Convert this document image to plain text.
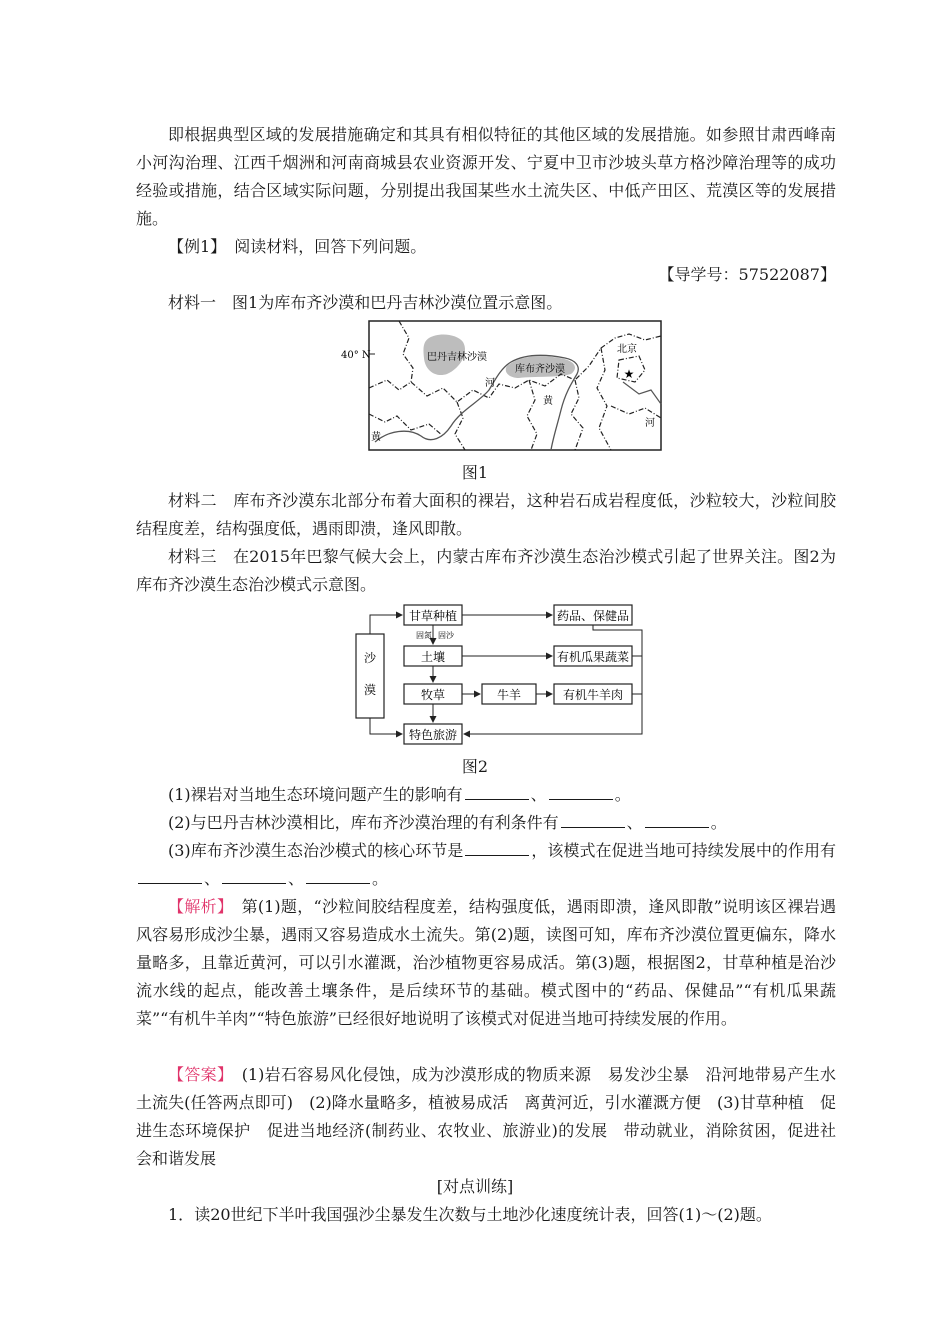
即根据典型区域的发展措施确定和其具有相似特征的其他区域的发展措施。如参照甘肃西峰南小河沟治理、江西千烟洲和河南商城县农业资源开发、宁夏中卫市沙坡头草方格沙障治理等的成功经验或措施，结合区域实际问题，分别提出我国某些水土流失区、中低产田区、荒漠区等的发展措施。

【例1】　 阅读材料，回答下列问题。

【导学号：57522087】

材料一　 图1为库布齐沙漠和巴丹吉林沙漠位置示意图。

40° N
★
巴丹吉林沙漠
库布齐沙漠
北京
河
黄
黄
河
图1

材料二　 库布齐沙漠东北部分布着大面积的裸岩，这种岩石成岩程度低，沙粒较大，沙粒间胶结程度差，结构强度低，遇雨即溃，逢风即散。

材料三　 在2015年巴黎气候大会上，内蒙古库布齐沙漠生态治沙模式引起了世界关注。图2为库布齐沙漠生态治沙模式示意图。

沙
漠
甘草种植
土壤
牧草
特色旅游
牛羊
药品、保健品
有机瓜果蔬菜
有机牛羊肉
固氮 固沙
图2

(1)裸岩对当地生态环境问题产生的影响有	、	。

(2)与巴丹吉林沙漠相比，库布齐沙漠治理的有利条件有	、	。

(3)库布齐沙漠生态治沙模式的核心环节是	，该模式在促进当地可持续发展中的作用有、	、	。

【解析】　 第(1)题，“沙粒间胶结程度差，结构强度低，遇雨即溃，逢风即散”说明该区裸岩遇风容易形成沙尘暴，遇雨又容易造成水土流失。第(2)题，读图可知，库布齐沙漠位置更偏东，降水量略多，且靠近黄河，可以引水灌溉，治沙植物更容易成活。第(3)题，根据图2，甘草种植是治沙流水线的起点，能改善土壤条件，是后续环节的基础。模式图中的“药品、保健品”“有机瓜果蔬菜”“有机牛羊肉”“特色旅游”已经很好地说明了该模式对促进当地可持续发展的作用。

【答案】　 (1)岩石容易风化侵蚀，成为沙漠形成的物质来源　易发沙尘暴　沿河地带易产生水土流失(任答两点即可)　(2)降水量略多，植被易成活　离黄河近，引水灌溉方便　(3)甘草种植　促进生态环境保护　促进当地经济(制药业、农牧业、旅游业)的发展　带动就业，消除贫困，促进社会和谐发展

[对点训练]

1．读20世纪下半叶我国强沙尘暴发生次数与土地沙化速度统计表，回答(1)～(2)题。
